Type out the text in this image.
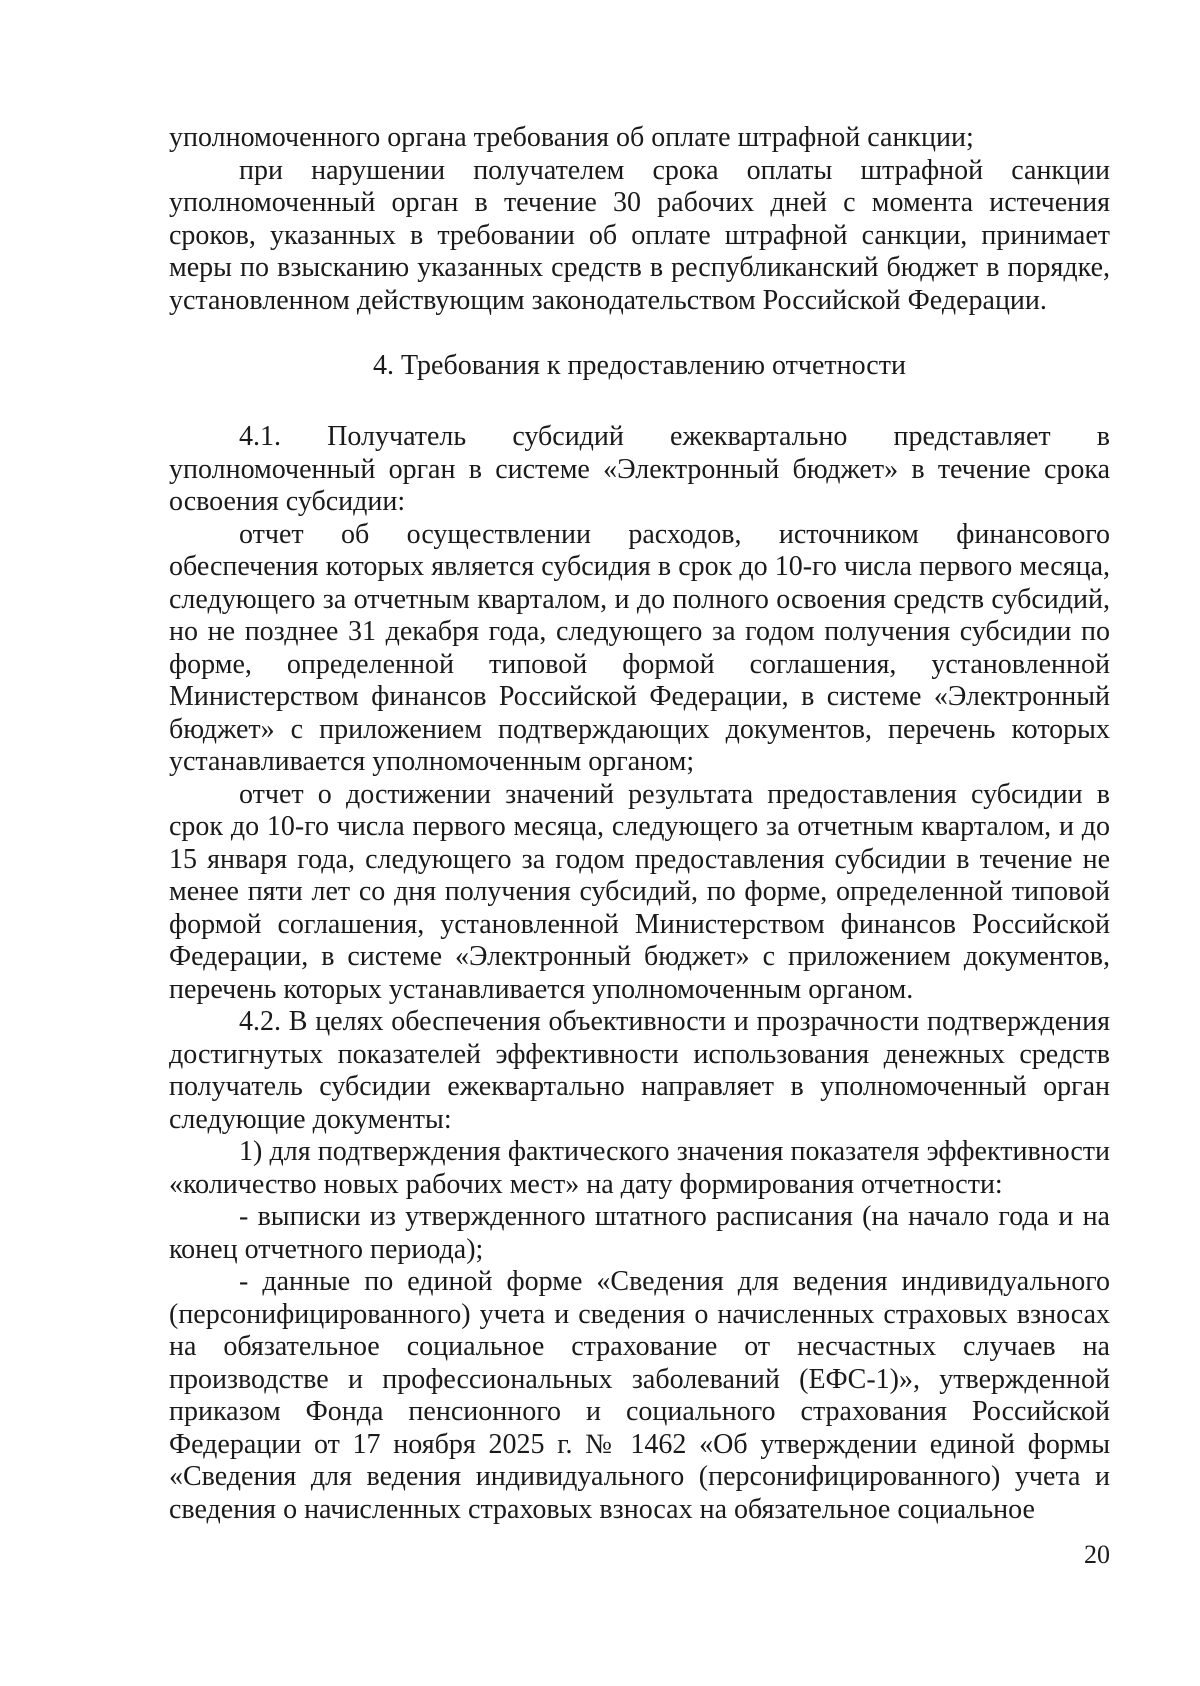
уполномоченного органа требования об оплате штрафной санкции;

при нарушении получателем срока оплаты штрафной санкции уполномоченный орган в течение 30 рабочих дней с момента истечения сроков, указанных в требовании об оплате штрафной санкции, принимает меры по взысканию указанных средств в республиканский бюджет в порядке, установленном действующим законодательством Российской Федерации.

4. Требования к предоставлению отчетности

4.1. Получатель субсидий ежеквартально представляет в уполномоченный орган в системе «Электронный бюджет» в течение срока освоения субсидии:

отчет об осуществлении расходов, источником финансового обеспечения которых является субсидия в срок до 10-го числа первого месяца, следующего за отчетным кварталом, и до полного освоения средств субсидий, но не позднее 31 декабря года, следующего за годом получения субсидии по форме, определенной типовой формой соглашения, установленной Министерством финансов Российской Федерации, в системе «Электронный бюджет» с приложением подтверждающих документов, перечень которых устанавливается уполномоченным органом;

отчет о достижении значений результата предоставления субсидии в срок до 10-го числа первого месяца, следующего за отчетным кварталом, и до 15 января года, следующего за годом предоставления субсидии в течение не менее пяти лет со дня получения субсидий, по форме, определенной типовой формой соглашения, установленной Министерством финансов Российской Федерации, в системе «Электронный бюджет» с приложением документов, перечень которых устанавливается уполномоченным органом.

4.2. В целях обеспечения объективности и прозрачности подтверждения достигнутых показателей эффективности использования денежных средств получатель субсидии ежеквартально направляет в уполномоченный орган следующие документы:

1) для подтверждения фактического значения показателя эффективности «количество новых рабочих мест» на дату формирования отчетности:

- выписки из утвержденного штатного расписания (на начало года и на конец отчетного периода);

- данные по единой форме «Сведения для ведения индивидуального (персонифицированного) учета и сведения о начисленных страховых взносах на обязательное социальное страхование от несчастных случаев на производстве и профессиональных заболеваний (ЕФС-1)», утвержденной приказом Фонда пенсионного и социального страхования Российской Федерации от 17 ноября 2025 г. № 1462 «Об утверждении единой формы «Сведения для ведения индивидуального (персонифицированного) учета и сведения о начисленных страховых взносах на обязательное социальное

20
